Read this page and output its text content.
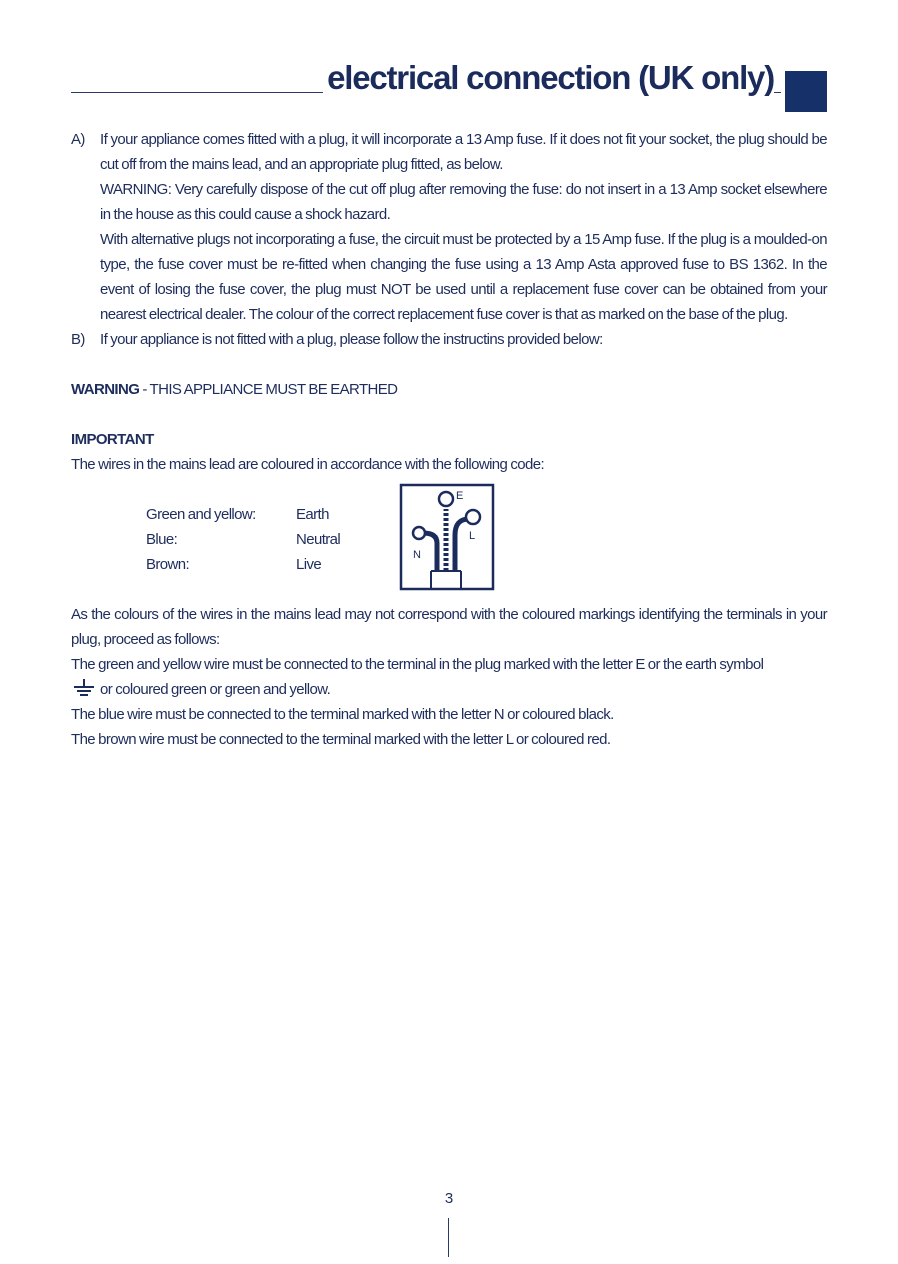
electrical connection (UK only)
A) If your appliance comes fitted with a plug, it will incorporate a 13 Amp fuse. If it does not fit your socket, the plug should be cut off from the mains lead, and an appropriate plug fitted, as below.

WARNING: Very carefully dispose of the cut off plug after removing the fuse: do not insert in a 13 Amp socket elsewhere in the house as this could cause a shock hazard.

With alternative plugs not incorporating a fuse, the circuit must be protected by a 15 Amp fuse. If the plug is a moulded-on type, the fuse cover must be re-fitted when changing the fuse using a 13 Amp Asta approved fuse to BS 1362. In the event of losing the fuse cover, the plug must NOT be used until a replacement fuse cover can be obtained from your nearest electrical dealer. The colour of the correct replacement fuse cover is that as marked on the base of the plug.

B) If your appliance is not fitted with a plug, please follow the instructins provided below:

WARNING - THIS APPLIANCE MUST BE EARTHED

IMPORTANT

The wires in the mains lead are coloured in accordance with the following code:

Green and yellow:	Earth
Blue:	Neutral
Brown:	Live
E
L
N

As the colours of the wires in the mains lead may not correspond with the coloured markings identifying the terminals in your plug, proceed as follows:

The green and yellow wire must be connected to the terminal in the plug marked with the letter E or the earth symbol

or coloured green or green and yellow.

The blue wire must be connected to the terminal marked with the letter N or coloured black.

The brown wire must be connected to the terminal marked with the letter L or coloured red.

3
